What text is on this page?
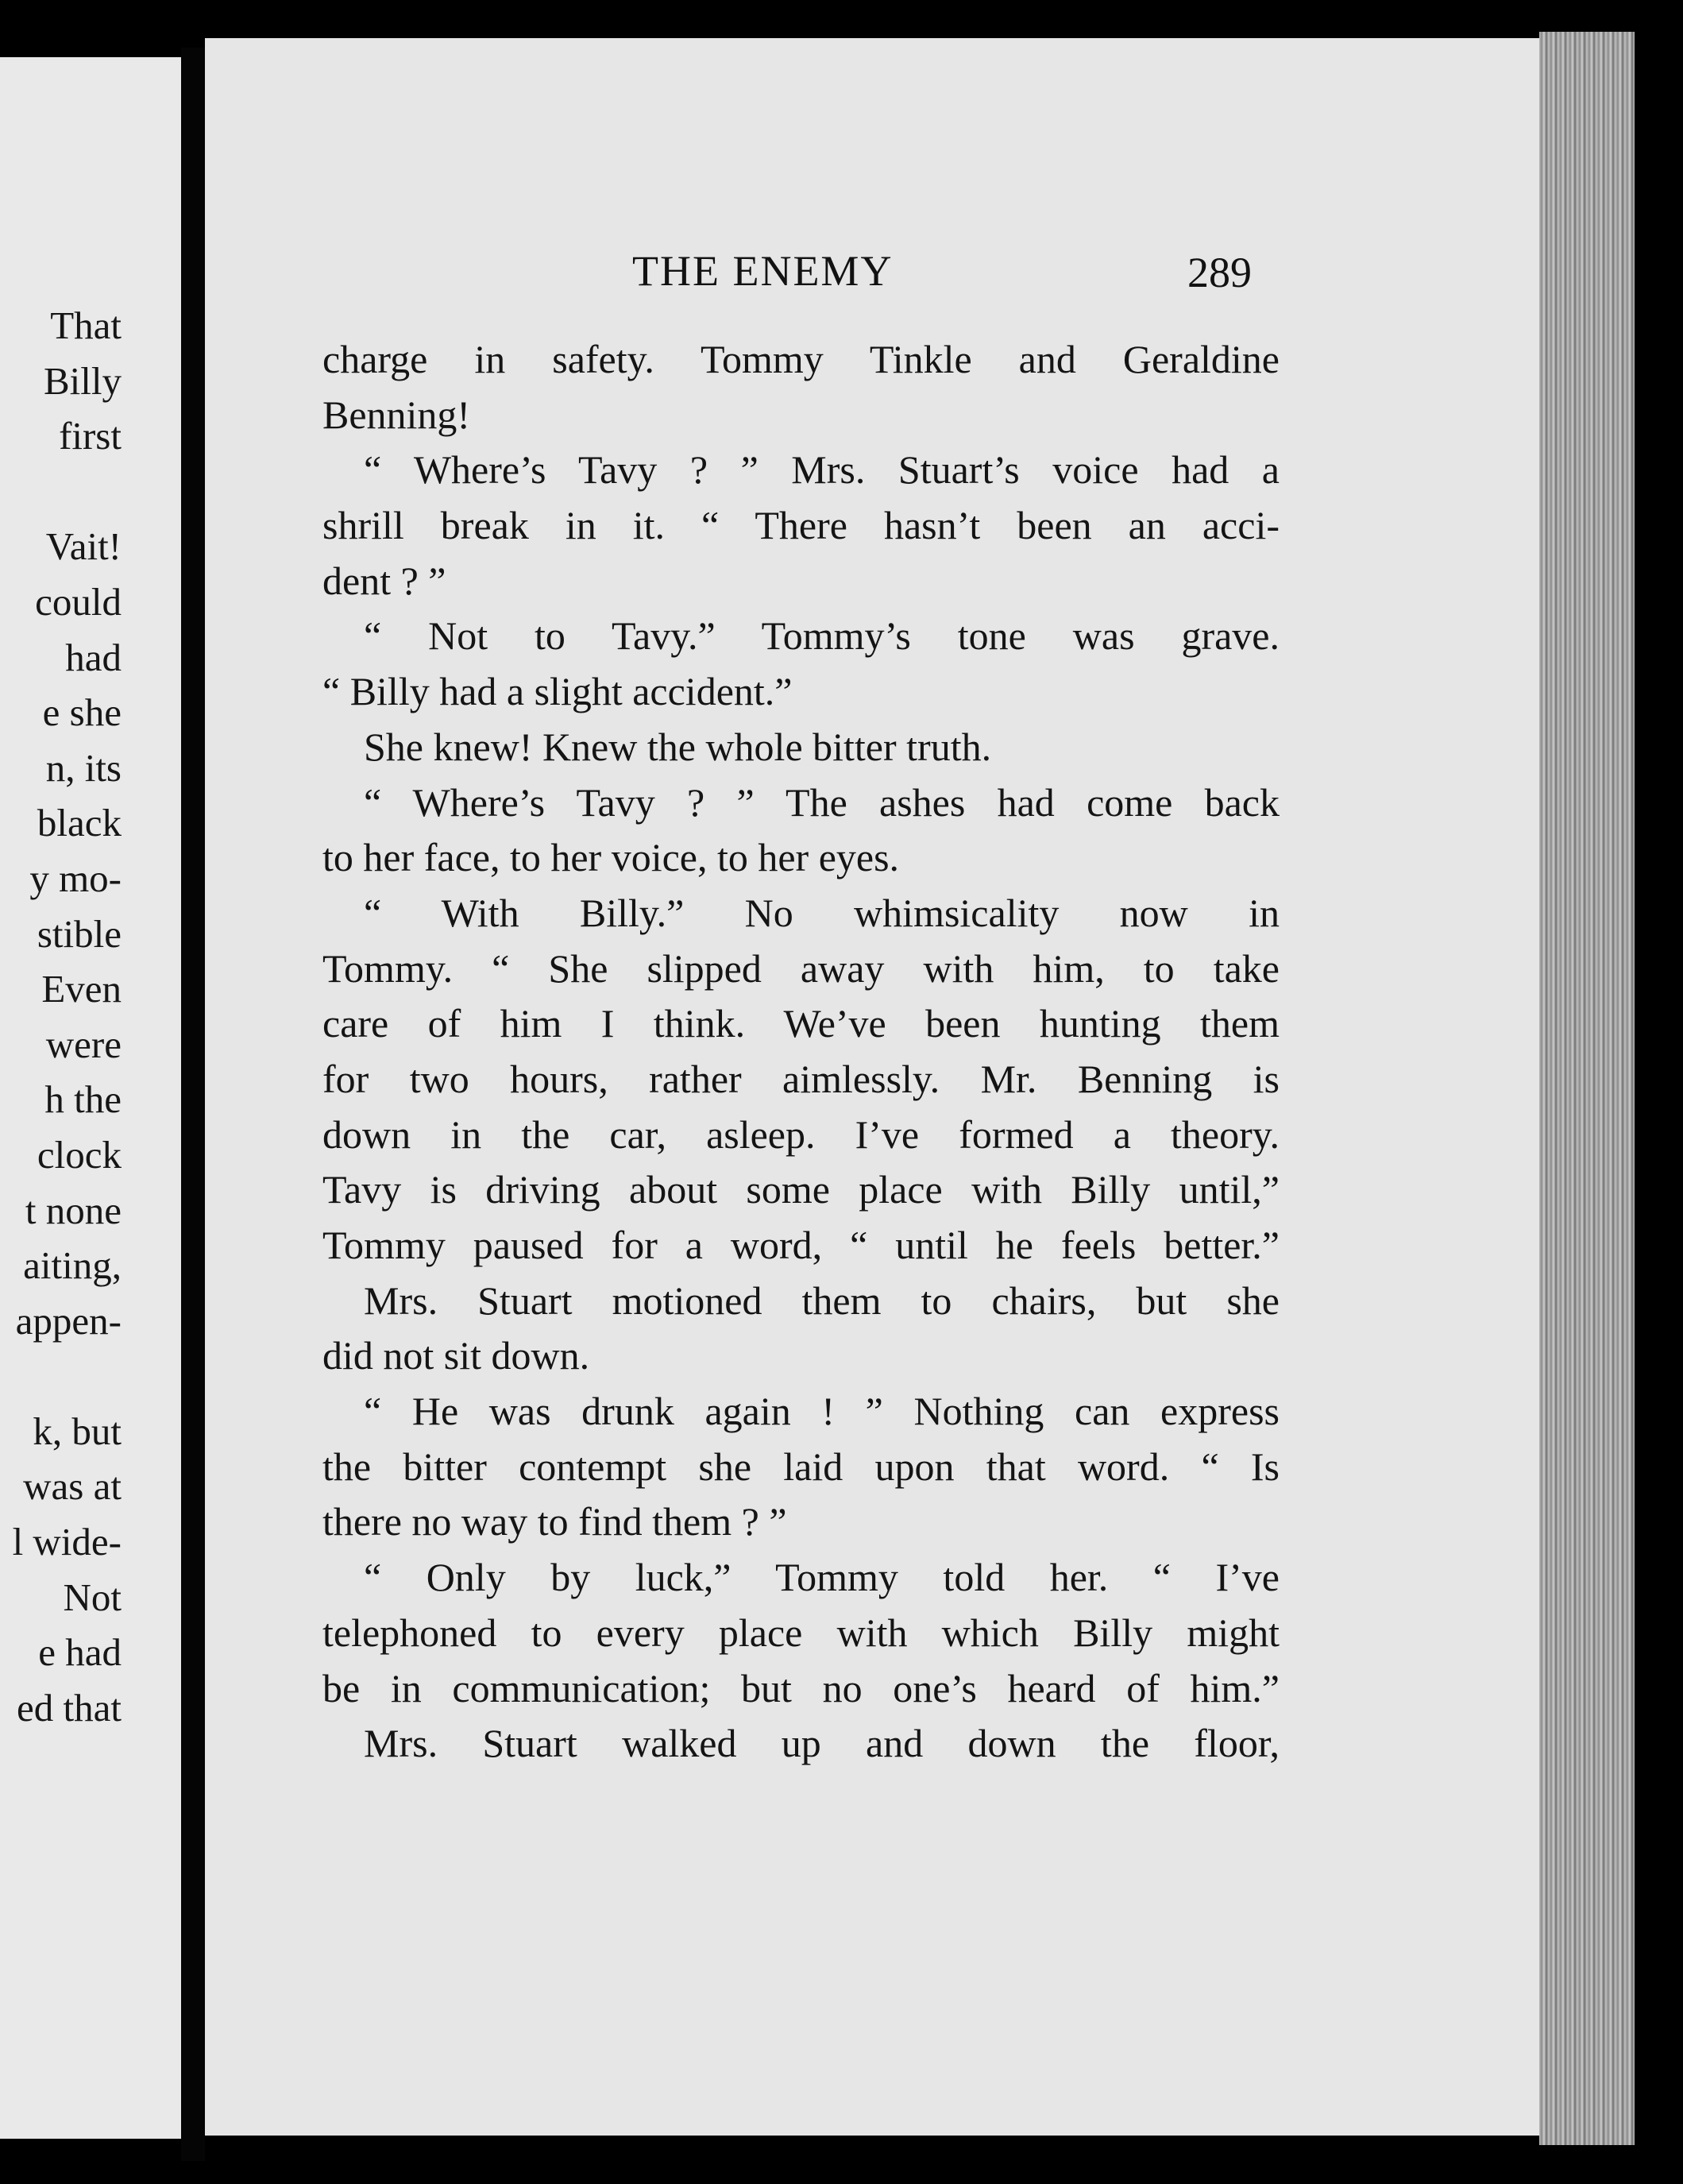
That
Billy
first
Vait!
could
had
e she
n, its
black
y mo-
stible
Even
were
h the
clock
t none
aiting,
appen-
k, but
was at
l wide-
Not
e had
ed that
THE ENEMY	289
charge in safety. Tommy Tinkle and Geraldine
Benning!
“ Where’s Tavy ? ” Mrs. Stuart’s voice had a
shrill break in it. “ There hasn’t been an acci-
dent ? ”
“ Not to Tavy.” Tommy’s tone was grave.
“ Billy had a slight accident.”
She knew! Knew the whole bitter truth.
“ Where’s Tavy ? ” The ashes had come back
to her face, to her voice, to her eyes.
“ With Billy.” No whimsicality now in
Tommy. “ She slipped away with him, to take
care of him I think. We’ve been hunting them
for two hours, rather aimlessly. Mr. Benning is
down in the car, asleep. I’ve formed a theory.
Tavy is driving about some place with Billy until,”
Tommy paused for a word, “ until he feels better.”
Mrs. Stuart motioned them to chairs, but she
did not sit down.
“ He was drunk again ! ” Nothing can express
the bitter contempt she laid upon that word. “ Is
there no way to find them ? ”
“ Only by luck,” Tommy told her. “ I’ve
telephoned to every place with which Billy might
be in communication; but no one’s heard of him.”
Mrs. Stuart walked up and down the floor,
